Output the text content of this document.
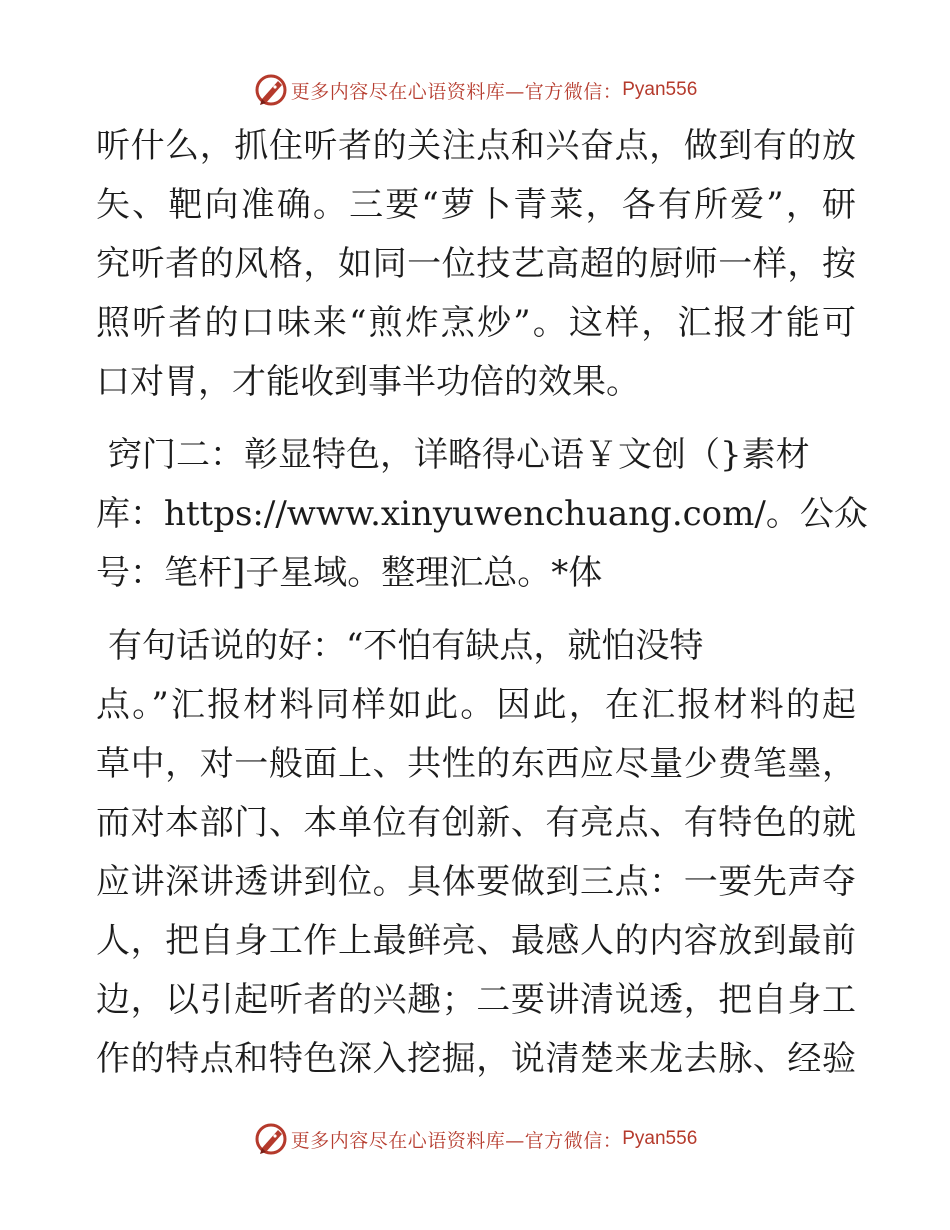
更多内容尽在心语资料库—官方微信： Pyan556
听什么，抓住听者的关注点和兴奋点，做到有的放
矢、靶向准确。三要“萝卜青菜，各有所爱”，研
究听者的风格，如同一位技艺高超的厨师一样，按
照听者的口味来“煎炸烹炒”。这样，汇报才能可
口对胃，才能收到事半功倍的效果。
窍门二：彰显特色，详略得心语￥文创（}素材
库：https://www.xinyuwenchuang.com/。公众
号：笔杆]子星域。整理汇总。*体
有句话说的好：“不怕有缺点，就怕没特
点。”汇报材料同样如此。因此，在汇报材料的起
草中，对一般面上、共性的东西应尽量少费笔墨，
而对本部门、本单位有创新、有亮点、有特色的就
应讲深讲透讲到位。具体要做到三点：一要先声夺
人，把自身工作上最鲜亮、最感人的内容放到最前
边，以引起听者的兴趣；二要讲清说透，把自身工
作的特点和特色深入挖掘，说清楚来龙去脉、经验
更多内容尽在心语资料库—官方微信： Pyan556
